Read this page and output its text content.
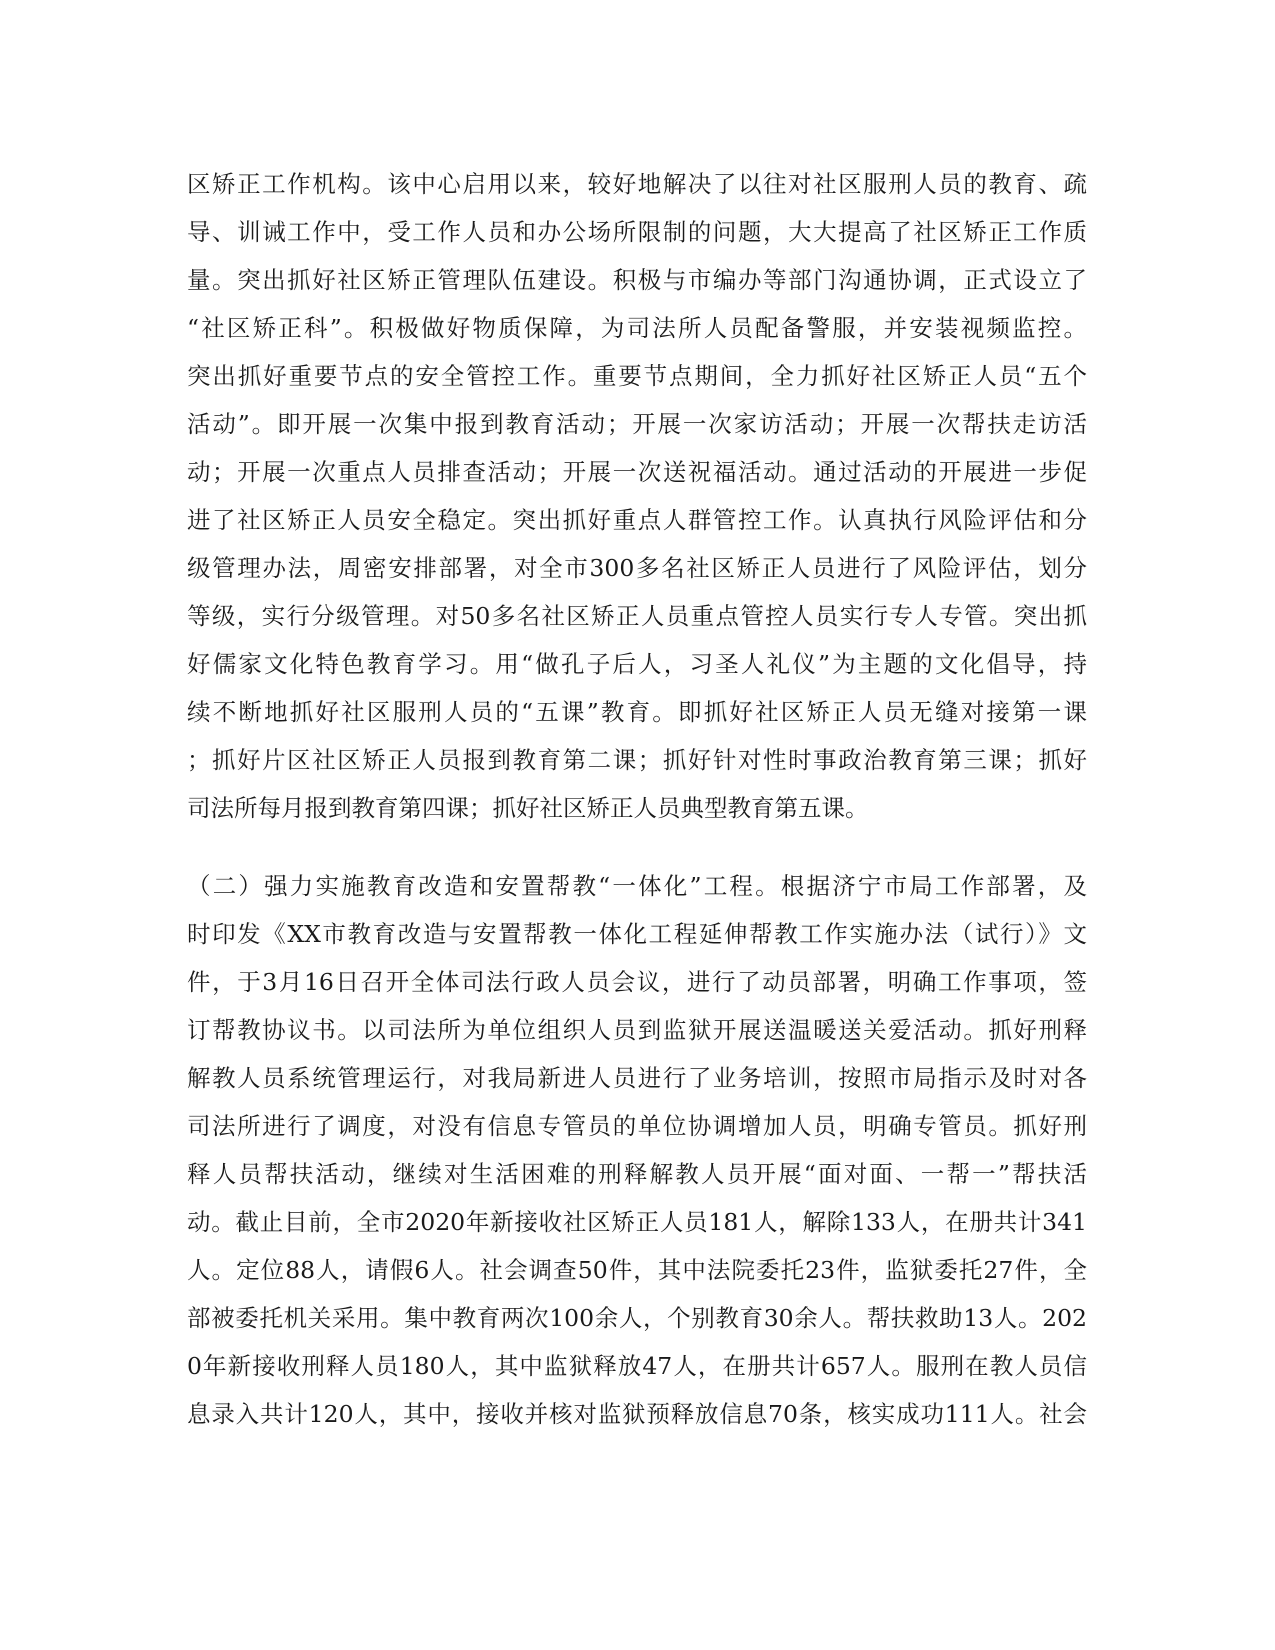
区矫正工作机构。该中心启用以来，较好地解决了以往对社区服刑人员的教育、疏
导、训诫工作中，受工作人员和办公场所限制的问题，大大提高了社区矫正工作质
量。突出抓好社区矫正管理队伍建设。积极与市编办等部门沟通协调，正式设立了
“社区矫正科”。积极做好物质保障，为司法所人员配备警服，并安装视频监控。
突出抓好重要节点的安全管控工作。重要节点期间，全力抓好社区矫正人员“五个
活动”。即开展一次集中报到教育活动；开展一次家访活动；开展一次帮扶走访活
动；开展一次重点人员排查活动；开展一次送祝福活动。通过活动的开展进一步促
进了社区矫正人员安全稳定。突出抓好重点人群管控工作。认真执行风险评估和分
级管理办法，周密安排部署，对全市300多名社区矫正人员进行了风险评估，划分
等级，实行分级管理。对50多名社区矫正人员重点管控人员实行专人专管。突出抓
好儒家文化特色教育学习。用“做孔子后人，习圣人礼仪”为主题的文化倡导，持
续不断地抓好社区服刑人员的“五课”教育。即抓好社区矫正人员无缝对接第一课
；抓好片区社区矫正人员报到教育第二课；抓好针对性时事政治教育第三课；抓好
司法所每月报到教育第四课；抓好社区矫正人员典型教育第五课。
（二）强力实施教育改造和安置帮教“一体化”工程。根据济宁市局工作部署，及
时印发《XX市教育改造与安置帮教一体化工程延伸帮教工作实施办法（试行）》文
件，于3月16日召开全体司法行政人员会议，进行了动员部署，明确工作事项，签
订帮教协议书。以司法所为单位组织人员到监狱开展送温暖送关爱活动。抓好刑释
解教人员系统管理运行，对我局新进人员进行了业务培训，按照市局指示及时对各
司法所进行了调度，对没有信息专管员的单位协调增加人员，明确专管员。抓好刑
释人员帮扶活动，继续对生活困难的刑释解教人员开展“面对面、一帮一”帮扶活
动。截止目前，全市2020年新接收社区矫正人员181人，解除133人，在册共计341
人。定位88人，请假6人。社会调查50件，其中法院委托23件，监狱委托27件，全
部被委托机关采用。集中教育两次100余人，个别教育30余人。帮扶救助13人。202
0年新接收刑释人员180人，其中监狱释放47人，在册共计657人。服刑在教人员信
息录入共计120人，其中，接收并核对监狱预释放信息70条，核实成功111人。社会
